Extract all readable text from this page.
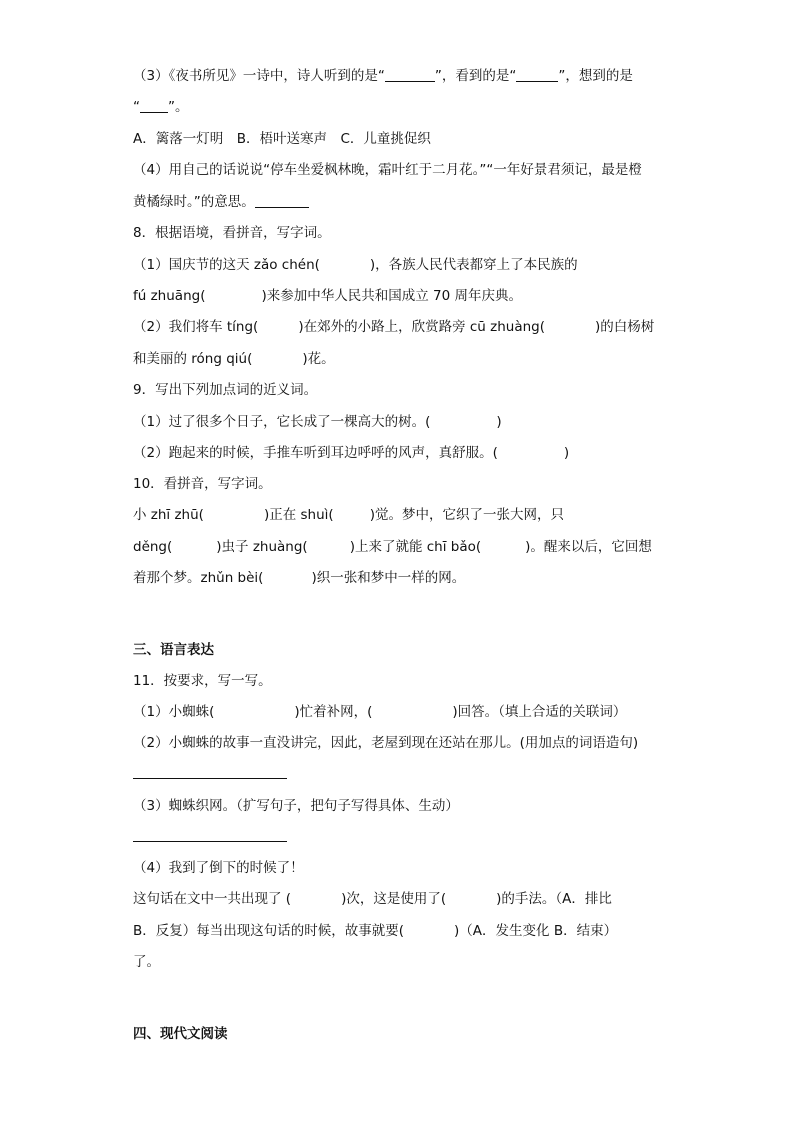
（3）《夜书所见》一诗中，诗人听到的是“	”，看到的是“	”，想到的是
“ ”。
A．篱落一灯明　B．梧叶送寒声　C．儿童挑促织
（4）用自己的话说说“停车坐爱枫林晚，霜叶红于二月花。”“一年好景君须记，最是橙
黄橘绿时。”的意思。
8．根据语境，看拼音，写字词。
（1）国庆节的这天 zǎo chén(	)，各族人民代表都穿上了本民族的
fú zhuāng(	)来参加中华人民共和国成立 70 周年庆典。
（2）我们将车 tíng(	)在郊外的小路上，欣赏路旁 cū zhuàng(	)的白杨树
和美丽的 róng qiú(	)花。
9．写出下列加点词的近义词。
（1）过了很多个日子，它长成了一棵高大的树。(	)
（2）跑起来的时候，手推车听到耳边呼呼的风声，真舒服。(	)
10．看拼音，写字词。
小 zhī zhū(	)正在 shuì(	)觉。梦中，它织了一张大网，只
děng(	)虫子 zhuàng(	)上来了就能 chī bǎo(	)。醒来以后，它回想
着那个梦。zhǔn bèi(	)织一张和梦中一样的网。
三、语言表达
11．按要求，写一写。
（1）小蜘蛛(	)忙着补网，(	)回答。（填上合适的关联词）
（2）小蜘蛛的故事一直没讲完，因此，老屋到现在还站在那儿。(用加点的词语造句)
（3）蜘蛛织网。（扩写句子，把句子写得具体、生动）
（4）我到了倒下的时候了！
这句话在文中一共出现了 (	)次，这是使用了(	)的手法。（A．排比
B．反复）每当出现这句话的时候，故事就要(	)（A．发生变化 B．结束）
了。
四、现代文阅读
